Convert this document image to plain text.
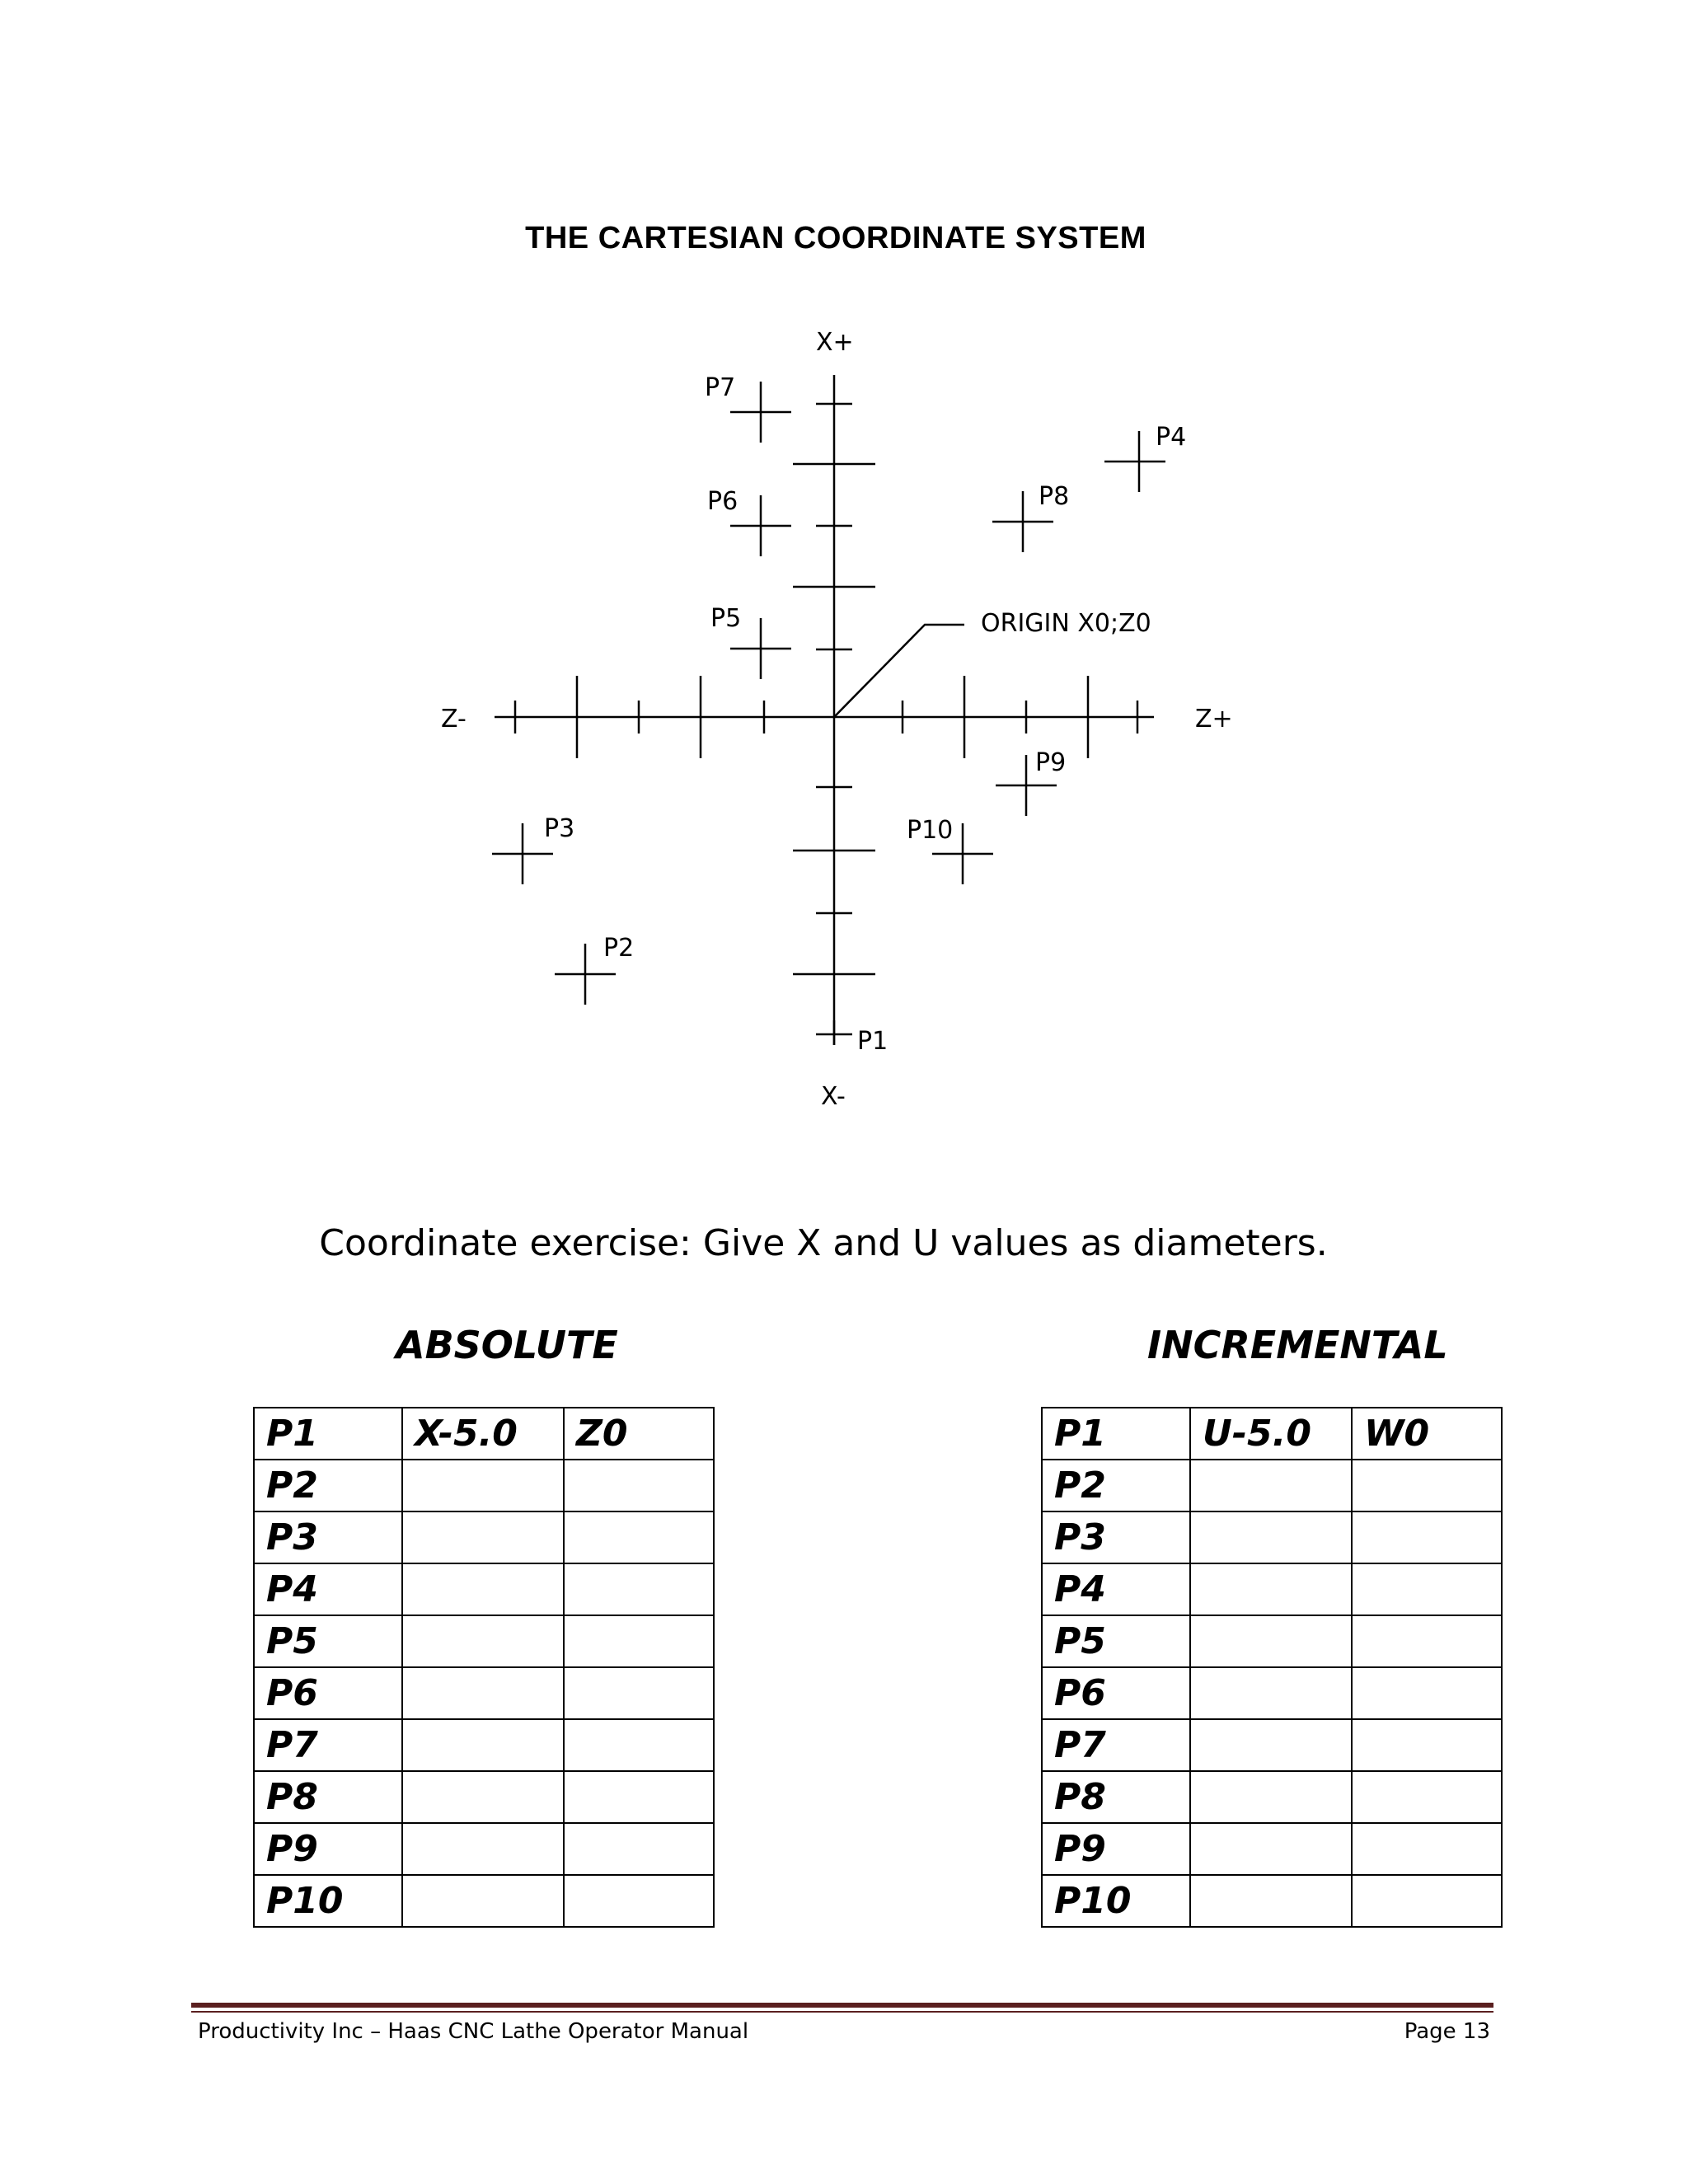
THE CARTESIAN COORDINATE SYSTEM
X+
X-
Z-	Z+
ORIGIN X0;Z0
P1
P2
P3
P4
P5
P6
P7
P8
P9
P10
Coordinate exercise: Give X and U values as diameters.
ABSOLUTE	INCREMENTAL
P1	X-5.0	Z0
P2		
P3		
P4		
P5		
P6		
P7		
P8		
P9		
P10		
P1	U-5.0	W0
P2		
P3		
P4		
P5		
P6		
P7		
P8		
P9		
P10		
Productivity Inc – Haas CNC Lathe Operator Manual	Page 13
